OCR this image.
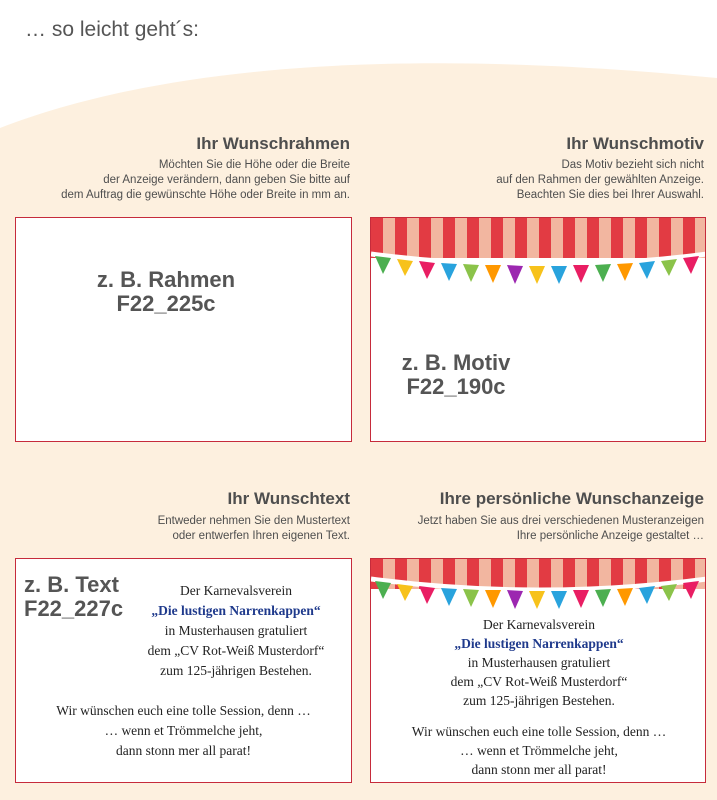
… so leicht geht´s:
Ihr Wunschrahmen
Möchten Sie die Höhe oder die Breite
der Anzeige verändern, dann geben Sie bitte auf
dem Auftrag die gewünschte Höhe oder Breite in mm an.
z. B. Rahmen
F22_225c
Ihr Wunschmotiv
Das Motiv bezieht sich nicht
auf den Rahmen der gewählten Anzeige.
Beachten Sie dies bei Ihrer Auswahl.
z. B. Motiv
F22_190c
Ihr Wunschtext
Entweder nehmen Sie den Mustertext
oder entwerfen Ihren eigenen Text.
z. B. Text
F22_227c
Der Karnevalsverein
„Die lustigen Narrenkappen“
in Musterhausen gratuliert
dem „CV Rot-Weiß Musterdorf“
zum 125-jährigen Bestehen.
Wir wünschen euch eine tolle Session, denn …
… wenn et Trömmelche jeht,
dann stonn mer all parat!
Ihre persönliche Wunschanzeige
Jetzt haben Sie aus drei verschiedenen Musteranzeigen
Ihre persönliche Anzeige gestaltet …
Der Karnevalsverein
„Die lustigen Narrenkappen“
in Musterhausen gratuliert
dem „CV Rot-Weiß Musterdorf“
zum 125-jährigen Bestehen.
Wir wünschen euch eine tolle Session, denn …
… wenn et Trömmelche jeht,
dann stonn mer all parat!
